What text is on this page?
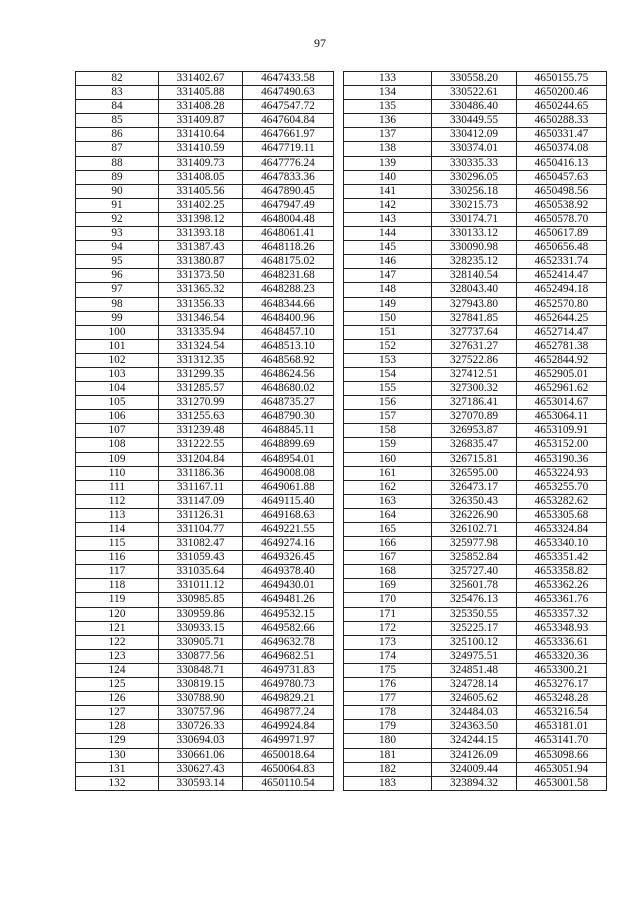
97
82	331402.67	4647433.58
83	331405.88	4647490.63
84	331408.28	4647547.72
85	331409.87	4647604.84
86	331410.64	4647661.97
87	331410.59	4647719.11
88	331409.73	4647776.24
89	331408.05	4647833.36
90	331405.56	4647890.45
91	331402.25	4647947.49
92	331398.12	4648004.48
93	331393.18	4648061.41
94	331387.43	4648118.26
95	331380.87	4648175.02
96	331373.50	4648231.68
97	331365.32	4648288.23
98	331356.33	4648344.66
99	331346.54	4648400.96
100	331335.94	4648457.10
101	331324.54	4648513.10
102	331312.35	4648568.92
103	331299.35	4648624.56
104	331285.57	4648680.02
105	331270.99	4648735.27
106	331255.63	4648790.30
107	331239.48	4648845.11
108	331222.55	4648899.69
109	331204.84	4648954.01
110	331186.36	4649008.08
111	331167.11	4649061.88
112	331147.09	4649115.40
113	331126.31	4649168.63
114	331104.77	4649221.55
115	331082.47	4649274.16
116	331059.43	4649326.45
117	331035.64	4649378.40
118	331011.12	4649430.01
119	330985.85	4649481.26
120	330959.86	4649532.15
121	330933.15	4649582.66
122	330905.71	4649632.78
123	330877.56	4649682.51
124	330848.71	4649731.83
125	330819.15	4649780.73
126	330788.90	4649829.21
127	330757.96	4649877.24
128	330726.33	4649924.84
129	330694.03	4649971.97
130	330661.06	4650018.64
131	330627.43	4650064.83
132	330593.14	4650110.54
133	330558.20	4650155.75
134	330522.61	4650200.46
135	330486.40	4650244.65
136	330449.55	4650288.33
137	330412.09	4650331.47
138	330374.01	4650374.08
139	330335.33	4650416.13
140	330296.05	4650457.63
141	330256.18	4650498.56
142	330215.73	4650538.92
143	330174.71	4650578.70
144	330133.12	4650617.89
145	330090.98	4650656.48
146	328235.12	4652331.74
147	328140.54	4652414.47
148	328043.40	4652494.18
149	327943.80	4652570.80
150	327841.85	4652644.25
151	327737.64	4652714.47
152	327631.27	4652781.38
153	327522.86	4652844.92
154	327412.51	4652905.01
155	327300.32	4652961.62
156	327186.41	4653014.67
157	327070.89	4653064.11
158	326953.87	4653109.91
159	326835.47	4653152.00
160	326715.81	4653190.36
161	326595.00	4653224.93
162	326473.17	4653255.70
163	326350.43	4653282.62
164	326226.90	4653305.68
165	326102.71	4653324.84
166	325977.98	4653340.10
167	325852.84	4653351.42
168	325727.40	4653358.82
169	325601.78	4653362.26
170	325476.13	4653361.76
171	325350.55	4653357.32
172	325225.17	4653348.93
173	325100.12	4653336.61
174	324975.51	4653320.36
175	324851.48	4653300.21
176	324728.14	4653276.17
177	324605.62	4653248.28
178	324484.03	4653216.54
179	324363.50	4653181.01
180	324244.15	4653141.70
181	324126.09	4653098.66
182	324009.44	4653051.94
183	323894.32	4653001.58
